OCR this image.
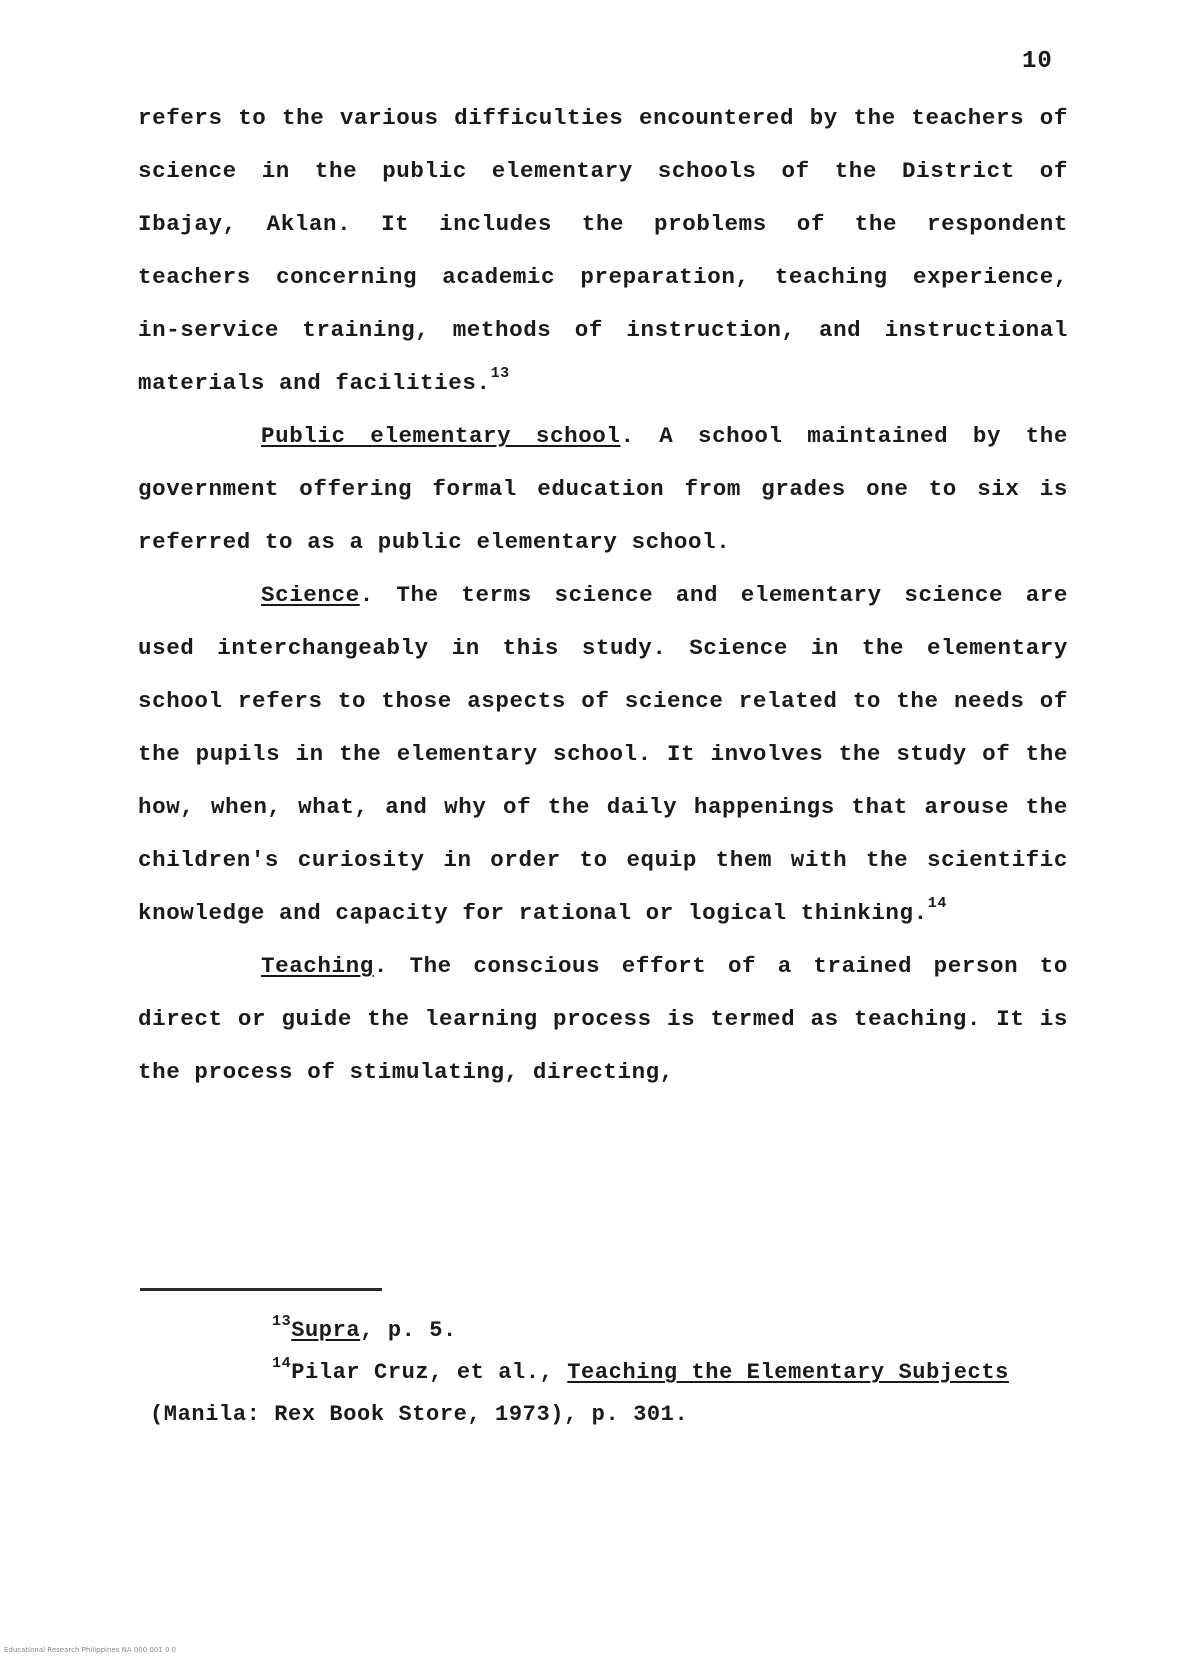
10

refers to the various difficulties encountered by the teachers of science in the public elementary schools of the District of Ibajay, Aklan. It includes the problems of the respondent teachers concerning academic preparation, teaching experience, in-service training, methods of instruction, and instructional materials and facilities.$^{13}$

Public elementary school. A school maintained by the government offering formal education from grades one to six is referred to as a public elementary school.

Science. The terms science and elementary science are used interchangeably in this study. Science in the elementary school refers to those aspects of science related to the needs of the pupils in the elementary school. It involves the study of the how, when, what, and why of the daily happenings that arouse the children's curiosity in order to equip them with the scientific knowledge and capacity for rational or logical thinking.$^{14}$

Teaching. The conscious effort of a trained person to direct or guide the learning process is termed as teaching. It is the process of stimulating, directing,

$^{13}$Supra, p. 5.

$^{14}$Pilar Cruz, et al., Teaching the Elementary Subjects (Manila: Rex Book Store, 1973), p. 301.

Educational Research Philippines NA 000 001 0 0
